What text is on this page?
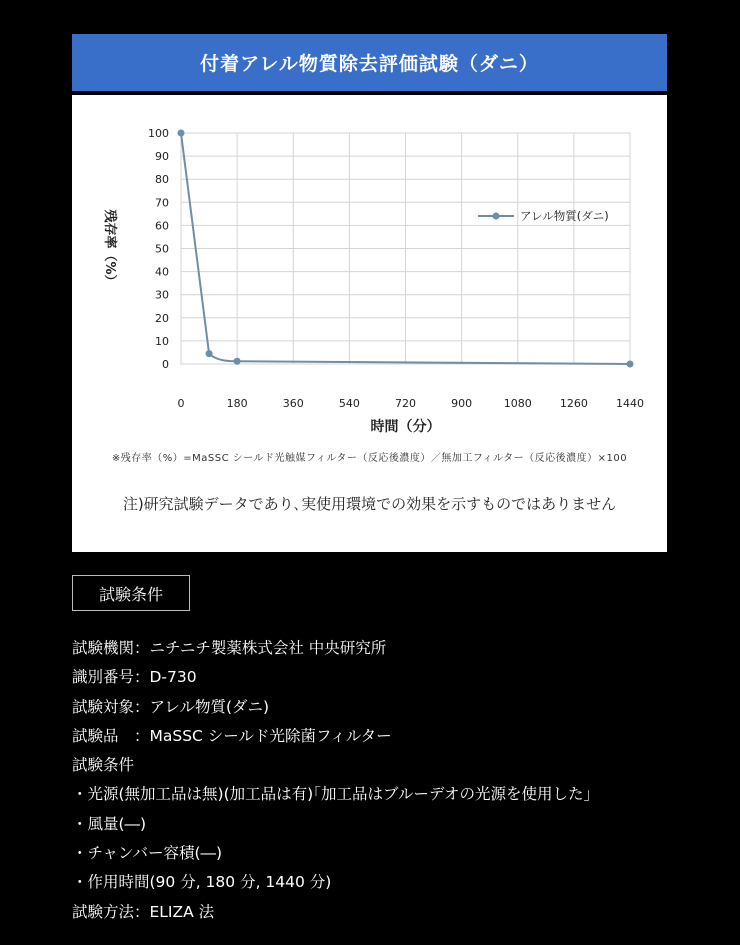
付着アレル物質除去評価試験（ダニ）
0
10
20
30
40
50
60
70
80
90
100
0	180	360	540	720	900	1080	1260	1440
時間（分）
残存率（%）	アレル物質(ダニ)
※残存率（%）=MaSSC シールド光触媒フィルター（反応後濃度）／無加工フィルター（反応後濃度）×100
注)研究試験データであり､実使用環境での効果を示すものではありません
試験条件
試験機関：ニチニチ製薬株式会社 中央研究所
識別番号：D-730
試験対象：アレル物質(ダニ)
試験品　：MaSSC シールド光除菌フィルター
試験条件
・光源(無加工品は無)(加工品は有)｢加工品はブルーデオの光源を使用した｣
・風量(―)
・チャンバー容積(―)
・作用時間(90 分, 180 分, 1440 分)
試験方法：ELIZA 法
